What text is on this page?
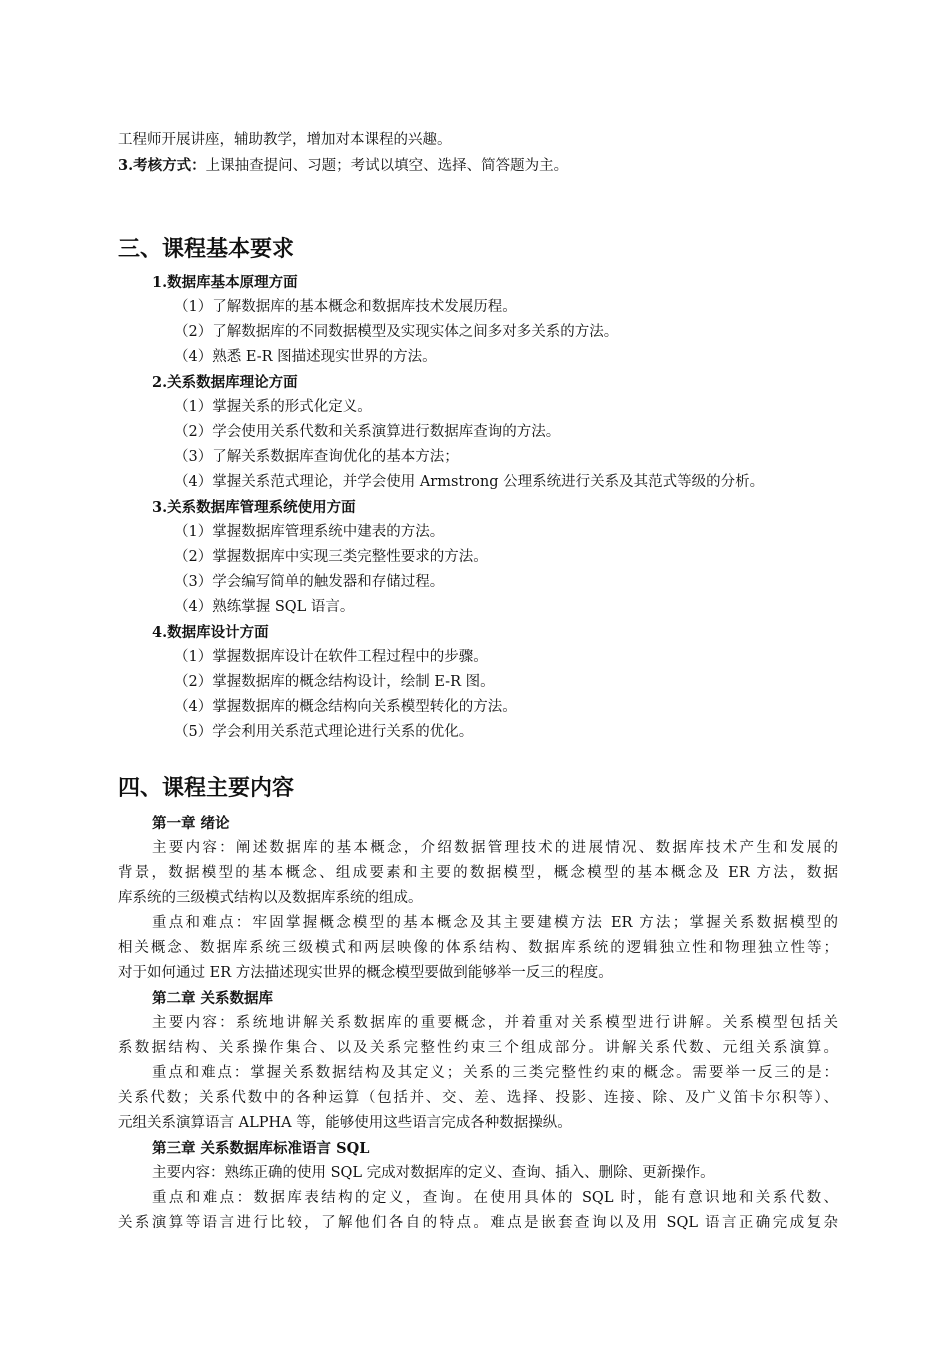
工程师开展讲座，辅助教学，增加对本课程的兴趣。

3.考核方式：上课抽查提问、习题；考试以填空、选择、简答题为主。

三、课程基本要求

1.数据库基本原理方面

（1）了解数据库的基本概念和数据库技术发展历程。

（2）了解数据库的不同数据模型及实现实体之间多对多关系的方法。

（4）熟悉 E-R 图描述现实世界的方法。

2.关系数据库理论方面

（1）掌握关系的形式化定义。

（2）学会使用关系代数和关系演算进行数据库查询的方法。

（3）了解关系数据库查询优化的基本方法；

（4）掌握关系范式理论，并学会使用 Armstrong 公理系统进行关系及其范式等级的分析。

3.关系数据库管理系统使用方面

（1）掌握数据库管理系统中建表的方法。

（2）掌握数据库中实现三类完整性要求的方法。

（3）学会编写简单的触发器和存储过程。

（4）熟练掌握 SQL 语言。

4.数据库设计方面

（1）掌握数据库设计在软件工程过程中的步骤。

（2）掌握数据库的概念结构设计，绘制 E-R 图。

（4）掌握数据库的概念结构向关系模型转化的方法。

（5）学会利用关系范式理论进行关系的优化。

四、课程主要内容

第一章 绪论

主要内容：阐述数据库的基本概念，介绍数据管理技术的进展情况、数据库技术产生和发展的

背景，数据模型的基本概念、组成要素和主要的数据模型，概念模型的基本概念及 ER 方法，数据

库系统的三级模式结构以及数据库系统的组成。

重点和难点：牢固掌握概念模型的基本概念及其主要建模方法 ER 方法；掌握关系数据模型的

相关概念、数据库系统三级模式和两层映像的体系结构、数据库系统的逻辑独立性和物理独立性等；

对于如何通过 ER 方法描述现实世界的概念模型要做到能够举一反三的程度。

第二章 关系数据库

主要内容：系统地讲解关系数据库的重要概念，并着重对关系模型进行讲解。关系模型包括关

系数据结构、关系操作集合、以及关系完整性约束三个组成部分。讲解关系代数、元组关系演算。

重点和难点：掌握关系数据结构及其定义；关系的三类完整性约束的概念。需要举一反三的是：

关系代数；关系代数中的各种运算（包括并、交、差、选择、投影、连接、除、及广义笛卡尔积等）、

元组关系演算语言 ALPHA 等，能够使用这些语言完成各种数据操纵。

第三章 关系数据库标准语言 SQL

主要内容：熟练正确的使用 SQL 完成对数据库的定义、查询、插入、删除、更新操作。

重点和难点：数据库表结构的定义，查询。在使用具体的 SQL 时，能有意识地和关系代数、

关系演算等语言进行比较，了解他们各自的特点。难点是嵌套查询以及用 SQL 语言正确完成复杂
